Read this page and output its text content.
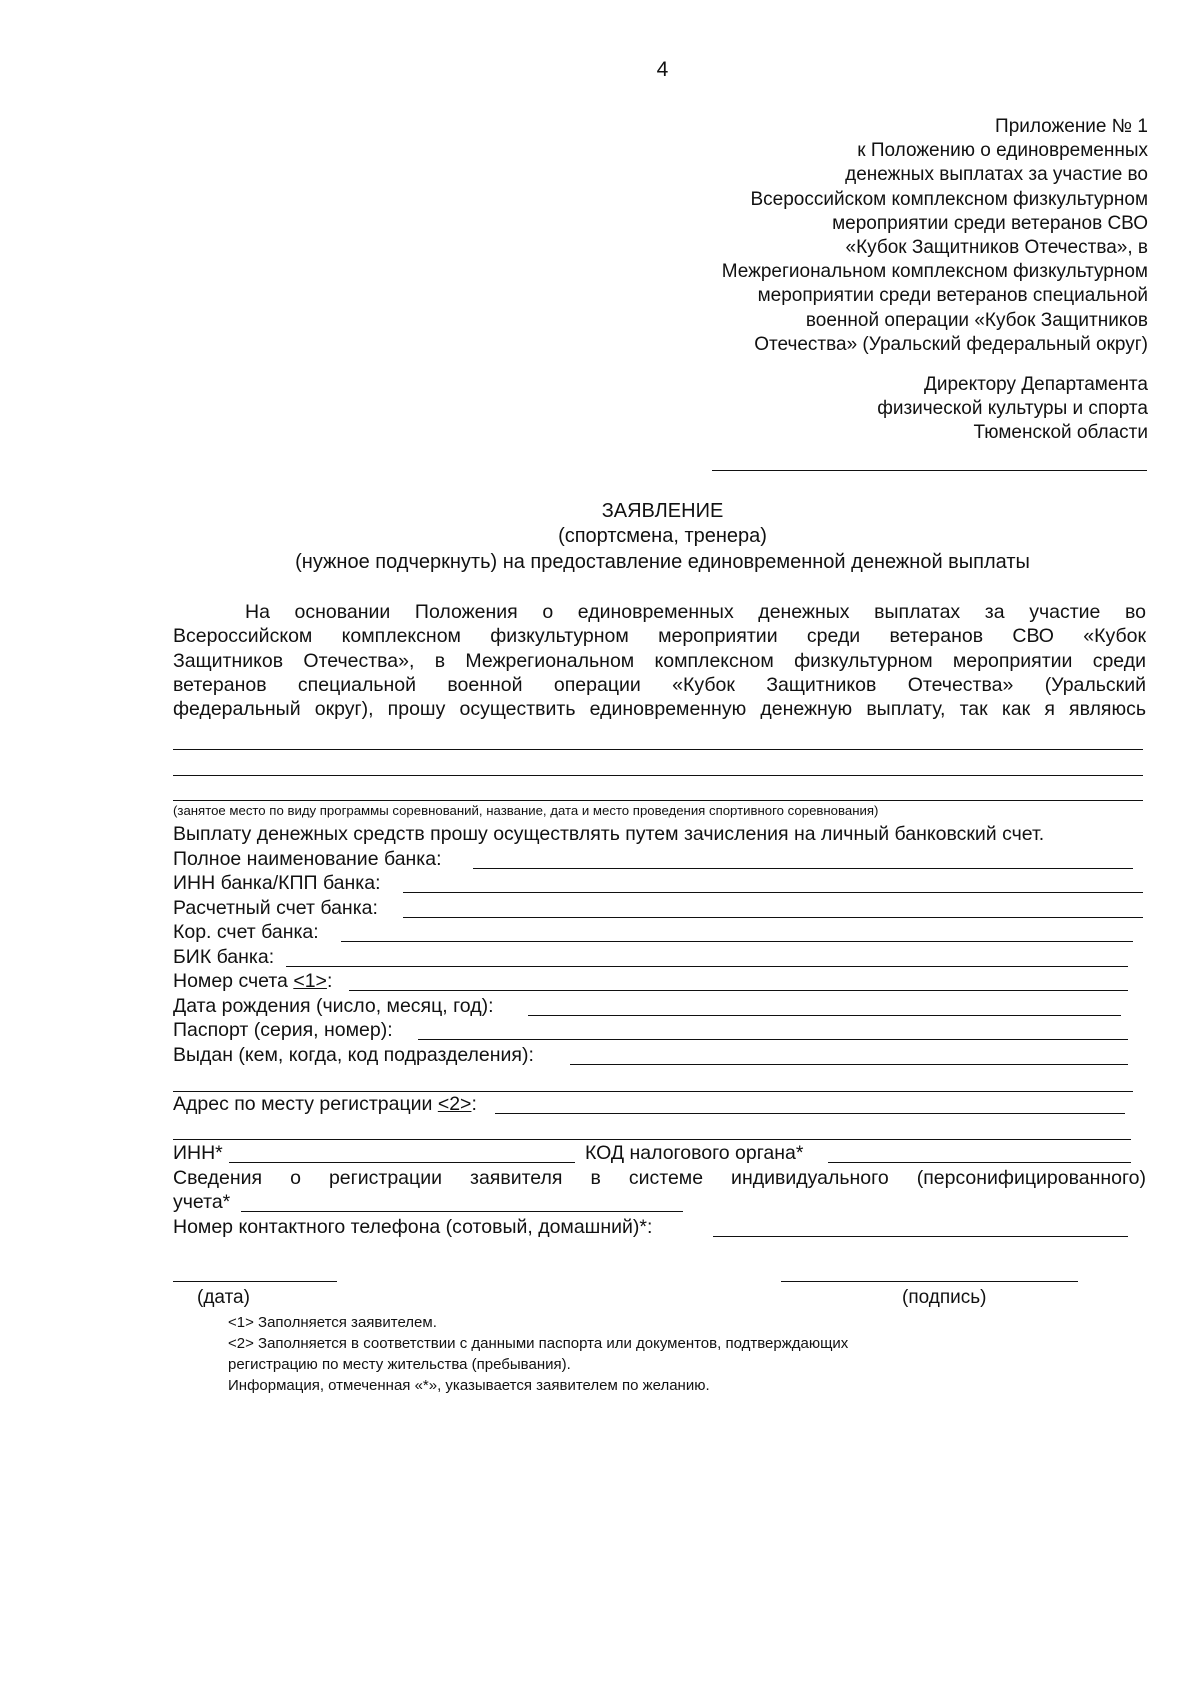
4
Приложение № 1
к Положению о единовременных
денежных выплатах за участие во
Всероссийском комплексном физкультурном
мероприятии среди ветеранов СВО
«Кубок Защитников Отечества», в
Межрегиональном комплексном физкультурном
мероприятии среди ветеранов специальной
военной операции «Кубок Защитников
Отечества» (Уральский федеральный округ)
Директору Департамента
физической культуры и спорта
Тюменской области
ЗАЯВЛЕНИЕ
(спортсмена, тренера)
(нужное подчеркнуть) на предоставление единовременной денежной выплаты
На основании Положения о единовременных денежных выплатах за участие во
Всероссийском комплексном физкультурном мероприятии среди ветеранов СВО «Кубок
Защитников Отечества», в Межрегиональном комплексном физкультурном мероприятии среди
ветеранов специальной военной операции «Кубок Защитников Отечества» (Уральский
федеральный округ), прошу осуществить единовременную денежную выплату, так как я являюсь
(занятое место по виду программы соревнований, название, дата и место проведения спортивного соревнования)
Выплату денежных средств прошу осуществлять путем зачисления на личный банковский счет.
Полное наименование банка:
ИНН банка/КПП банка:
Расчетный счет банка:
Кор. счет банка:
БИК банка:
Номер счета <1>:
Дата рождения (число, месяц, год):
Паспорт (серия, номер):
Выдан (кем, когда, код подразделения):
Адрес по месту регистрации <2>:
ИНН*	КОД налогового органа*
Сведения о регистрации заявителя в системе индивидуального (персонифицированного)
учета*
Номер контактного телефона (сотовый, домашний)*:
(дата)	(подпись)
<1> Заполняется заявителем.
<2> Заполняется в соответствии с данными паспорта или документов, подтверждающих
регистрацию по месту жительства (пребывания).
Информация, отмеченная «*», указывается заявителем по желанию.
